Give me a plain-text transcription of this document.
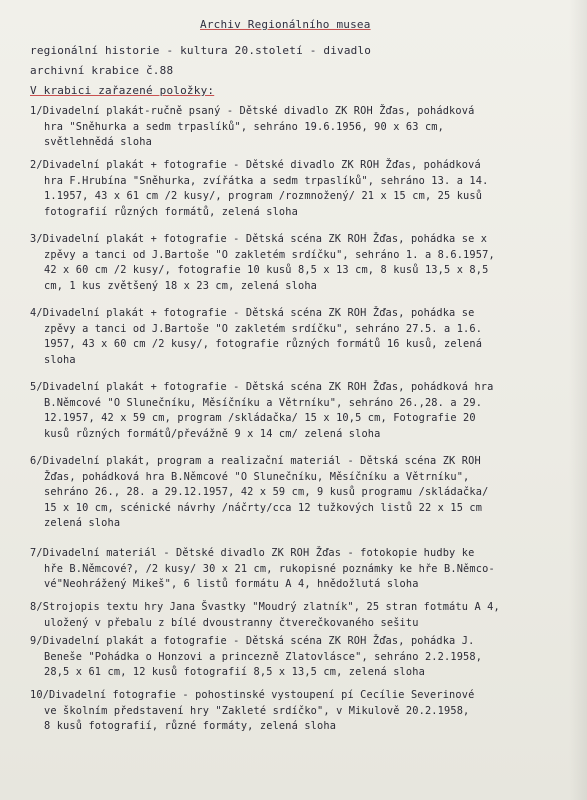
Archiv Regionálního musea
regionální historie - kultura 20.století - divadlo
archivní krabice č.88
V krabici zařazené položky:
1/Divadelní plakát-ručně psaný - Dětské divadlo ZK ROH Žďas, pohádková
hra "Sněhurka a sedm trpaslíků", sehráno 19.6.1956, 90 x 63 cm,
světlehnědá sloha
2/Divadelní plakát + fotografie - Dětské divadlo ZK ROH Žďas, pohádková
hra F.Hrubína "Sněhurka, zvířátka a sedm trpaslíků", sehráno 13. a 14.
1.1957, 43 x 61 cm /2 kusy/, program /rozmnožený/ 21 x 15 cm, 25 kusů
fotografií různých formátů, zelená sloha
3/Divadelní plakát + fotografie - Dětská scéna ZK ROH Žďas, pohádka se x
zpěvy a tanci od J.Bartoše "O zakletém srdíčku", sehráno 1. a 8.6.1957,
42 x 60 cm /2 kusy/, fotografie 10 kusů 8,5 x 13 cm, 8 kusů 13,5 x 8,5
cm, 1 kus zvětšený 18 x 23 cm, zelená sloha
4/Divadelní plakát + fotografie - Dětská scéna ZK ROH Žďas, pohádka se
zpěvy a tanci od J.Bartoše "O zakletém srdíčku", sehráno 27.5. a 1.6.
1957, 43 x 60 cm /2 kusy/, fotografie různých formátů 16 kusů, zelená
sloha
5/Divadelní plakát + fotografie - Dětská scéna ZK ROH Žďas, pohádková hra
B.Němcové "O Slunečníku, Měsíčníku a Větrníku", sehráno 26.,28. a 29.
12.1957, 42 x 59 cm, program /skládačka/ 15 x 10,5 cm, Fotografie 20
kusů různých formátů/převážně 9 x 14 cm/ zelená sloha
6/Divadelní plakát, program a realizační materiál - Dětská scéna ZK ROH
Žďas, pohádková hra B.Němcové "O Slunečníku, Měsíčníku a Větrníku",
sehráno 26., 28. a 29.12.1957, 42 x 59 cm, 9 kusů programu /skládačka/
15 x 10 cm, scénické návrhy /náčrty/cca 12 tužkových listů 22 x 15 cm
zelená sloha
7/Divadelní materiál - Dětské divadlo ZK ROH Žďas - fotokopie hudby ke
hře B.Němcové?, /2 kusy/ 30 x 21 cm, rukopisné poznámky ke hře B.Němco-
vé"Neohrážený Mikeš", 6 listů formátu A 4, hnědožlutá sloha
8/Strojopis textu hry Jana Švastky "Moudrý zlatník", 25 stran fotmátu A 4,
uložený v přebalu z bílé dvoustranny čtverečkovaného sešitu
9/Divadelní plakát a fotografie - Dětská scéna ZK ROH Žďas, pohádka J.
Beneše "Pohádka o Honzovi a princezně Zlatovlásce", sehráno 2.2.1958,
28,5 x 61 cm, 12 kusů fotografií 8,5 x 13,5 cm, zelená sloha
10/Divadelní fotografie - pohostinské vystoupení pí Cecílie Severinové
ve školním představení hry "Zakleté srdíčko", v Mikulově 20.2.1958,
8 kusů fotografií, různé formáty, zelená sloha
